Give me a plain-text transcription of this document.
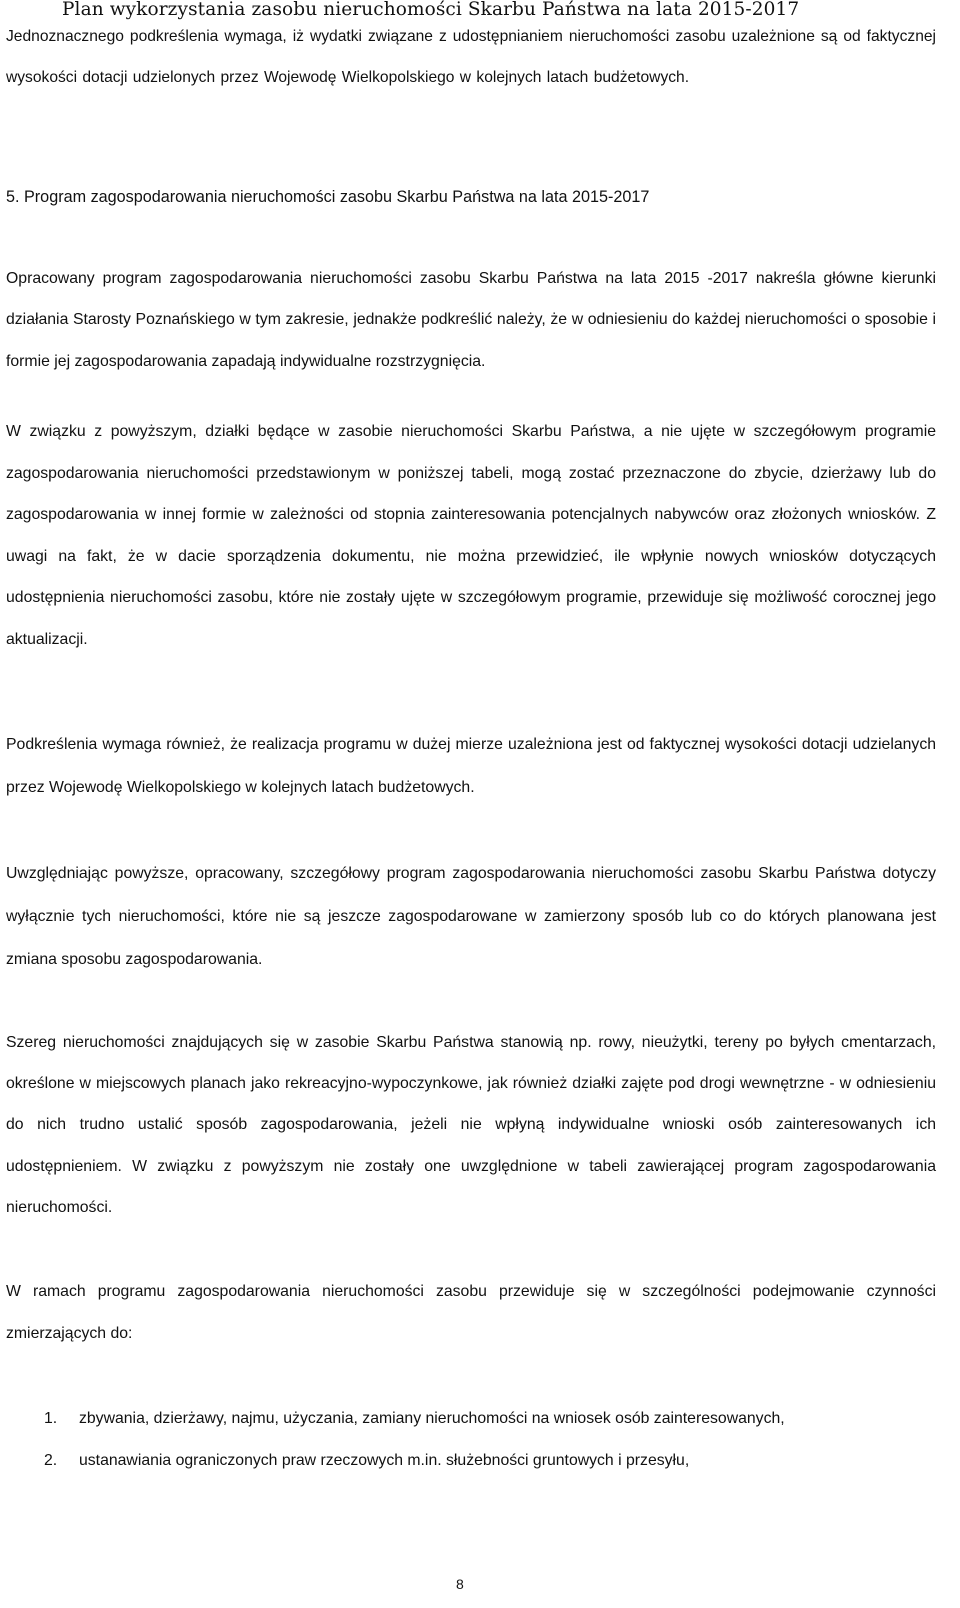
Plan wykorzystania zasobu nieruchomości Skarbu Państwa na lata 2015-2017
Jednoznacznego podkreślenia wymaga, iż wydatki związane z udostępnianiem nieruchomości zasobu uzależnione są od faktycznej wysokości dotacji udzielonych przez Wojewodę Wielkopolskiego w kolejnych latach budżetowych.
5. Program zagospodarowania nieruchomości zasobu Skarbu Państwa na lata 2015-2017

Opracowany program zagospodarowania nieruchomości zasobu Skarbu Państwa na lata 2015 -2017 nakreśla główne kierunki działania Starosty Poznańskiego w tym zakresie, jednakże podkreślić należy, że w odniesieniu do każdej nieruchomości o sposobie i formie jej zagospodarowania zapadają indywidualne rozstrzygnięcia.

W związku z powyższym, działki będące w zasobie nieruchomości Skarbu Państwa, a nie ujęte w szczegółowym programie zagospodarowania nieruchomości przedstawionym w poniższej tabeli, mogą zostać przeznaczone do zbycie, dzierżawy lub do zagospodarowania w innej formie w zależności od stopnia zainteresowania potencjalnych nabywców oraz złożonych wniosków. Z uwagi na fakt, że w dacie sporządzenia dokumentu, nie można przewidzieć, ile wpłynie nowych wniosków dotyczących udostępnienia nieruchomości zasobu, które nie zostały ujęte w szczegółowym programie, przewiduje się możliwość corocznej jego aktualizacji.

Podkreślenia wymaga również, że realizacja programu w dużej mierze uzależniona jest od faktycznej wysokości dotacji udzielanych przez Wojewodę Wielkopolskiego w kolejnych latach budżetowych.

Uwzględniając powyższe, opracowany, szczegółowy program zagospodarowania nieruchomości zasobu Skarbu Państwa dotyczy wyłącznie tych nieruchomości, które nie są jeszcze zagospodarowane w zamierzony sposób lub co do których planowana jest zmiana sposobu zagospodarowania.

Szereg nieruchomości znajdujących się w zasobie Skarbu Państwa stanowią np. rowy, nieużytki, tereny po byłych cmentarzach, określone w miejscowych planach jako rekreacyjno-wypoczynkowe, jak również działki zajęte pod drogi wewnętrzne - w odniesieniu do nich trudno ustalić sposób zagospodarowania, jeżeli nie wpłyną indywidualne wnioski osób zainteresowanych ich udostępnieniem. W związku z powyższym nie zostały one uwzględnione w tabeli zawierającej program zagospodarowania nieruchomości.

W ramach programu zagospodarowania nieruchomości zasobu przewiduje się w szczególności podejmowanie czynności zmierzających do:

1. zbywania, dzierżawy, najmu, użyczania, zamiany nieruchomości na wniosek osób zainteresowanych,
2. ustanawiania ograniczonych praw rzeczowych m.in. służebności gruntowych i przesyłu,
8
